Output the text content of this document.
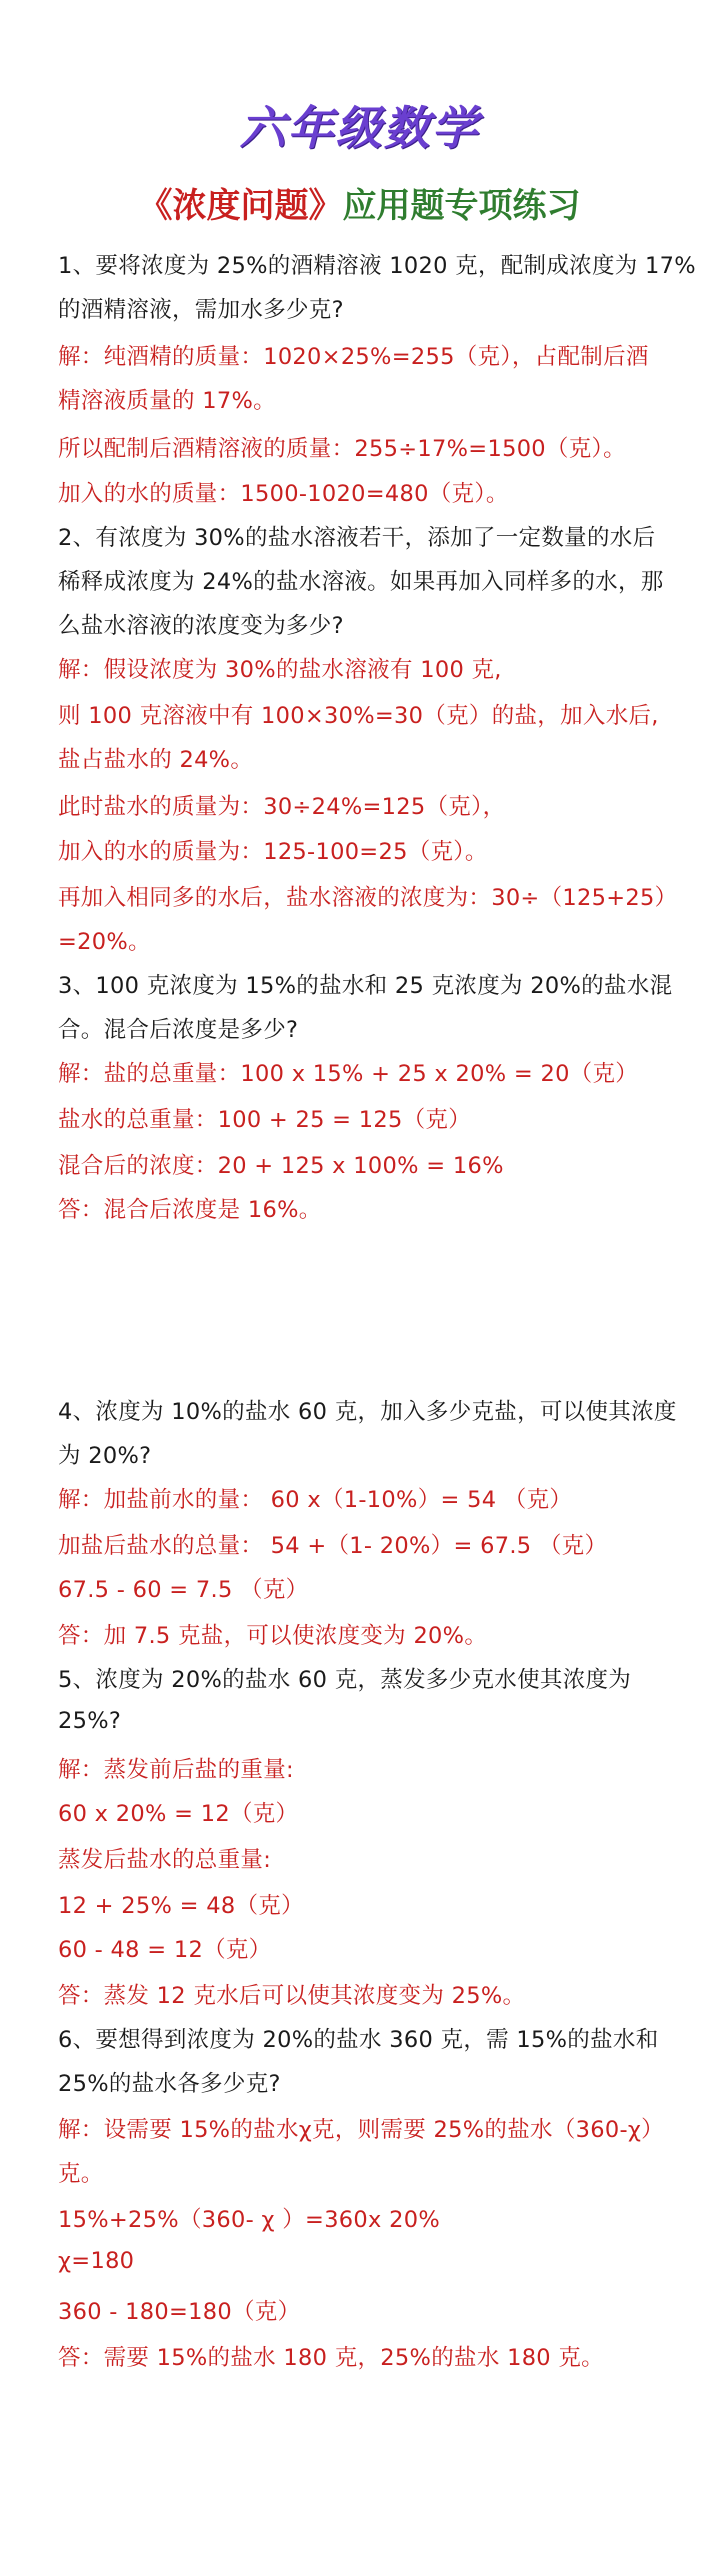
六年级数学
《浓度问题》应用题专项练习
1、要将浓度为 25%的酒精溶液 1020 克，配制成浓度为 17%
的酒精溶液，需加水多少克?
解：纯酒精的质量：1020×25%=255（克），占配制后酒
精溶液质量的 17%。
所以配制后酒精溶液的质量：255÷17%=1500（克）。
加入的水的质量：1500-1020=480（克）。
2、有浓度为 30%的盐水溶液若干，添加了一定数量的水后
稀释成浓度为 24%的盐水溶液。如果再加入同样多的水，那
么盐水溶液的浓度变为多少?
解：假设浓度为 30%的盐水溶液有 100 克,
则 100 克溶液中有 100×30%=30（克）的盐，加入水后,
盐占盐水的 24%。
此时盐水的质量为：30÷24%=125（克），
加入的水的质量为：125-100=25（克）。
再加入相同多的水后，盐水溶液的浓度为：30÷（125+25）
=20%。
3、100 克浓度为 15%的盐水和 25 克浓度为 20%的盐水混
合。混合后浓度是多少?
解：盐的总重量：100 x 15% + 25 x 20% = 20（克）
盐水的总重量：100 + 25 = 125（克）
混合后的浓度：20 + 125 x 100% = 16%
答：混合后浓度是 16%。
4、浓度为 10%的盐水 60 克，加入多少克盐，可以使其浓度
为 20%?
解：加盐前水的量： 60 x（1-10%）= 54 （克）
加盐后盐水的总量： 54 +（1- 20%）= 67.5 （克）
67.5 - 60 = 7.5 （克）
答：加 7.5 克盐，可以使浓度变为 20%。
5、浓度为 20%的盐水 60 克，蒸发多少克水使其浓度为
25%?
解：蒸发前后盐的重量:
60 x 20% = 12（克）
蒸发后盐水的总重量:
12 + 25% = 48（克）
60 - 48 = 12（克）
答：蒸发 12 克水后可以使其浓度变为 25%。
6、要想得到浓度为 20%的盐水 360 克，需 15%的盐水和
25%的盐水各多少克?
解：设需要 15%的盐水χ克，则需要 25%的盐水（360-χ）
克。
15%+25%（360- χ ）=360x 20%
χ=180
360 - 180=180（克）
答：需要 15%的盐水 180 克，25%的盐水 180 克。
